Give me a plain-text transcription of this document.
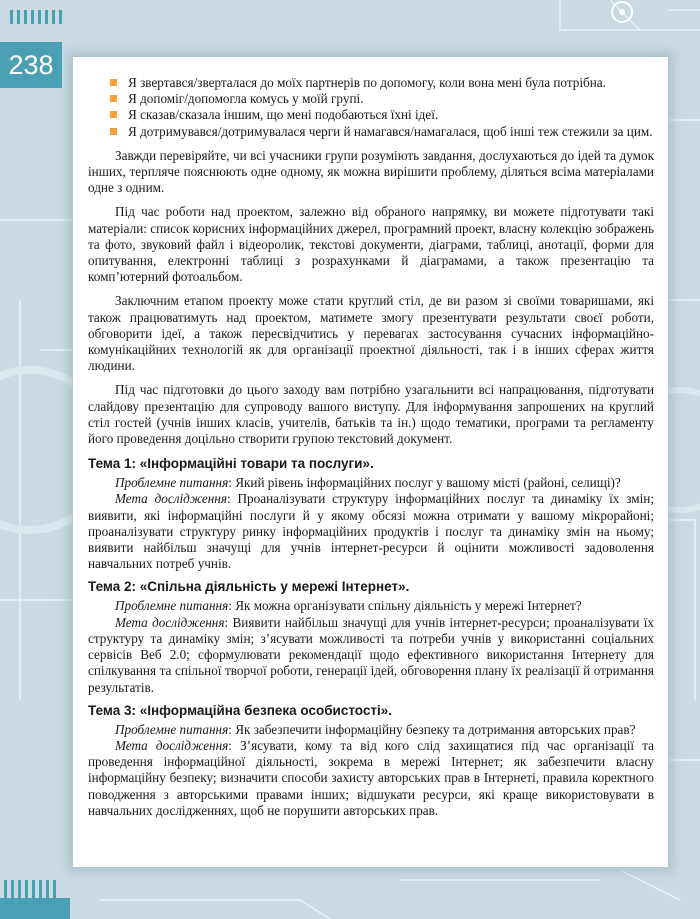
238
Я звертався/зверталася до моїх партнерів по допомогу, коли вона мені була потрібна.
Я допоміг/допомогла комусь у моїй групі.
Я сказав/сказала іншим, що мені подобаються їхні ідеї.
Я дотримувався/дотримувалася черги й намагався/намагалася, щоб інші теж стежили за цим.

Завжди перевіряйте, чи всі учасники групи розуміють завдання, дослухаються до ідей та думок інших, терпляче пояснюють одне одному, як можна вирішити проблему, діляться всіма матеріалами одне з одним.

Під час роботи над проектом, залежно від обраного напрямку, ви можете підготувати такі матеріали: список корисних інформаційних джерел, програмний проект, власну колекцію зображень та фото, звуковий файл і відеоролик, текстові документи, діаграми, таблиці, анотації, форми для опитування, електронні таблиці з розрахунками й діаграмами, а також презентацію та комп’ютерний фотоальбом.

Заключним етапом проекту може стати круглий стіл, де ви разом зі своїми товаришами, які також працюватимуть над проектом, матимете змогу презентувати результати своєї роботи, обговорити ідеї, а також пересвідчитись у перевагах застосування сучасних інформаційно-комунікаційних технологій як для організації проектної діяльності, так і в інших сферах життя людини.

Під час підготовки до цього заходу вам потрібно узагальнити всі напрацювання, підготувати слайдову презентацію для супроводу вашого виступу. Для інформування запрошених на круглий стіл гостей (учнів інших класів, учителів, батьків та ін.) щодо тематики, програми та регламенту його проведення доцільно створити групою текстовий документ.

Тема 1: «Інформаційні товари та послуги».

Проблемне питання: Який рівень інформаційних послуг у вашому місті (районі, селищі)?

Мета дослідження: Проаналізувати структуру інформаційних послуг та динаміку їх змін; виявити, які інформаційні послуги й у якому обсязі можна отримати у вашому мікрорайоні; проаналізувати структуру ринку інформаційних продуктів і послуг та динаміку змін на ньому; виявити найбільш значущі для учнів інтернет-ресурси й оцінити можливості задоволення навчальних потреб учнів.

Тема 2: «Спільна діяльність у мережі Інтернет».

Проблемне питання: Як можна організувати спільну діяльність у мережі Інтернет?

Мета дослідження: Виявити найбільш значущі для учнів інтернет-ресурси; проаналізувати їх структуру та динаміку змін; з’ясувати можливості та потреби учнів у використанні соціальних сервісів Веб 2.0; сформулювати рекомендації щодо ефективного використання Інтернету для спілкування та спільної творчої роботи, генерації ідей, обговорення плану їх реалізації й отримання результатів.

Тема 3: «Інформаційна безпека особистості».

Проблемне питання: Як забезпечити інформаційну безпеку та дотримання авторських прав?

Мета дослідження: З’ясувати, кому та від кого слід захищатися під час організації та проведення інформаційної діяльності, зокрема в мережі Інтернет; як забезпечити власну інформаційну безпеку; визначити способи захисту авторських прав в Інтернеті, правила коректного поводження з авторськими правами інших; відшукати ресурси, які краще використовувати в навчальних дослідженнях, щоб не порушити авторських прав.
